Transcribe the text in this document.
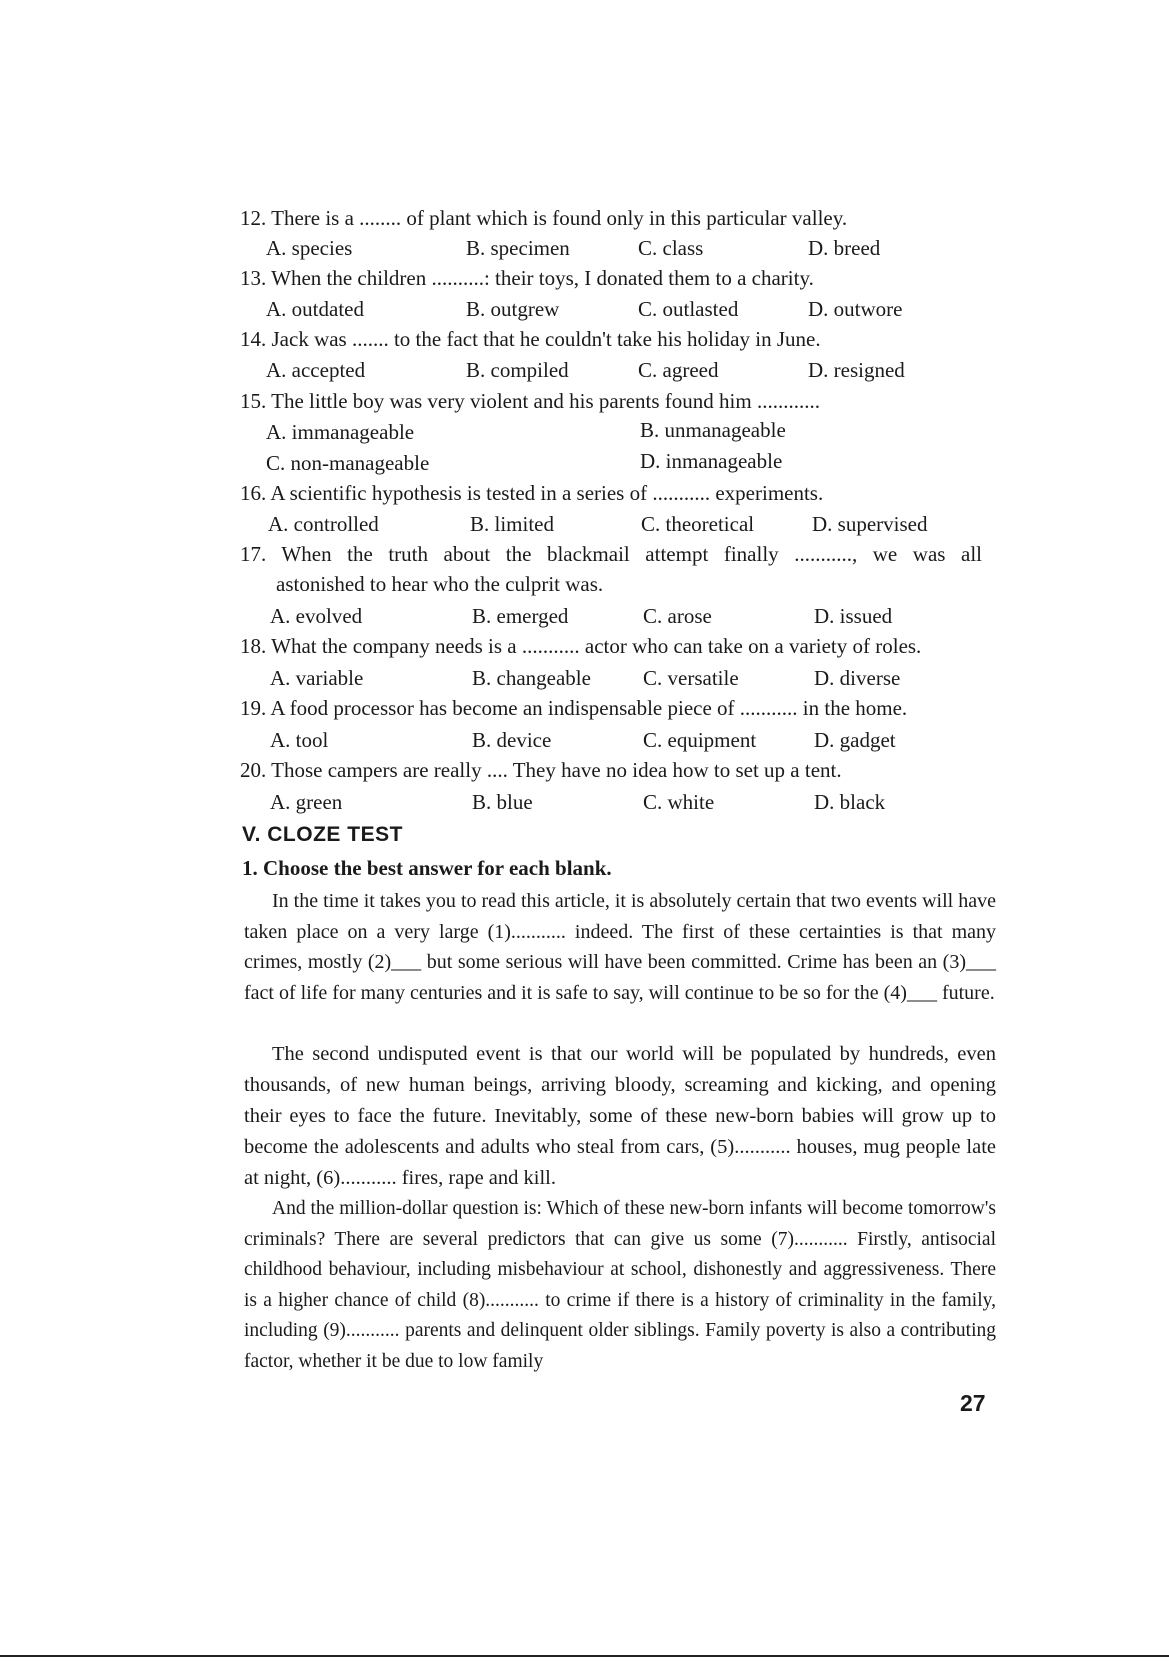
12. There is a ........ of plant which is found only in this particular valley.
A. species	B. specimen	C. class	D. breed
13. When the children ..........: their toys, I donated them to a charity.
A. outdated	B. outgrew	C. outlasted	D. outwore
14. Jack was ....... to the fact that he couldn't take his holiday in June.
A. accepted	B. compiled	C. agreed	D. resigned
15. The little boy was very violent and his parents found him ............
A. immanageable	B. unmanageable
C. non-manageable	D. inmanageable
16. A scientific hypothesis is tested in a series of ........... experiments.
A. controlled	B. limited	C. theoretical	D. supervised
17. When the truth about the blackmail attempt finally ..........., we was all
astonished to hear who the culprit was.
A. evolved	B. emerged	C. arose	D. issued
18. What the company needs is a ........... actor who can take on a variety of roles.
A. variable	B. changeable C. versatile	D. diverse
19. A food processor has become an indispensable piece of ........... in the home.
A. tool	B. device	C. equipment	D. gadget
20. Those campers are really .... They have no idea how to set up a tent.
A. green	B. blue	C. white	D. black
V. CLOZE TEST
1. Choose the best answer for each blank.
In the time it takes you to read this article, it is absolutely certain that two events will have taken place on a very large (1)........... indeed. The first of these certainties is that many crimes, mostly (2)___ but some serious will have been committed. Crime has been an (3)___ fact of life for many centuries and it is safe to say, will continue to be so for the (4)___ future.
The second undisputed event is that our world will be populated by hundreds, even thousands, of new human beings, arriving bloody, screaming and kicking, and opening their eyes to face the future. Inevitably, some of these new-born babies will grow up to become the adolescents and adults who steal from cars, (5)........... houses, mug people late at night, (6)........... fires, rape and kill.
And the million-dollar question is: Which of these new-born infants will become tomorrow's criminals? There are several predictors that can give us some (7)........... Firstly, antisocial childhood behaviour, including misbehaviour at school, dishonestly and aggressiveness. There is a higher chance of child (8)........... to crime if there is a history of criminality in the family, including (9)........... parents and delinquent older siblings. Family poverty is also a contributing factor, whether it be due to low family
27
